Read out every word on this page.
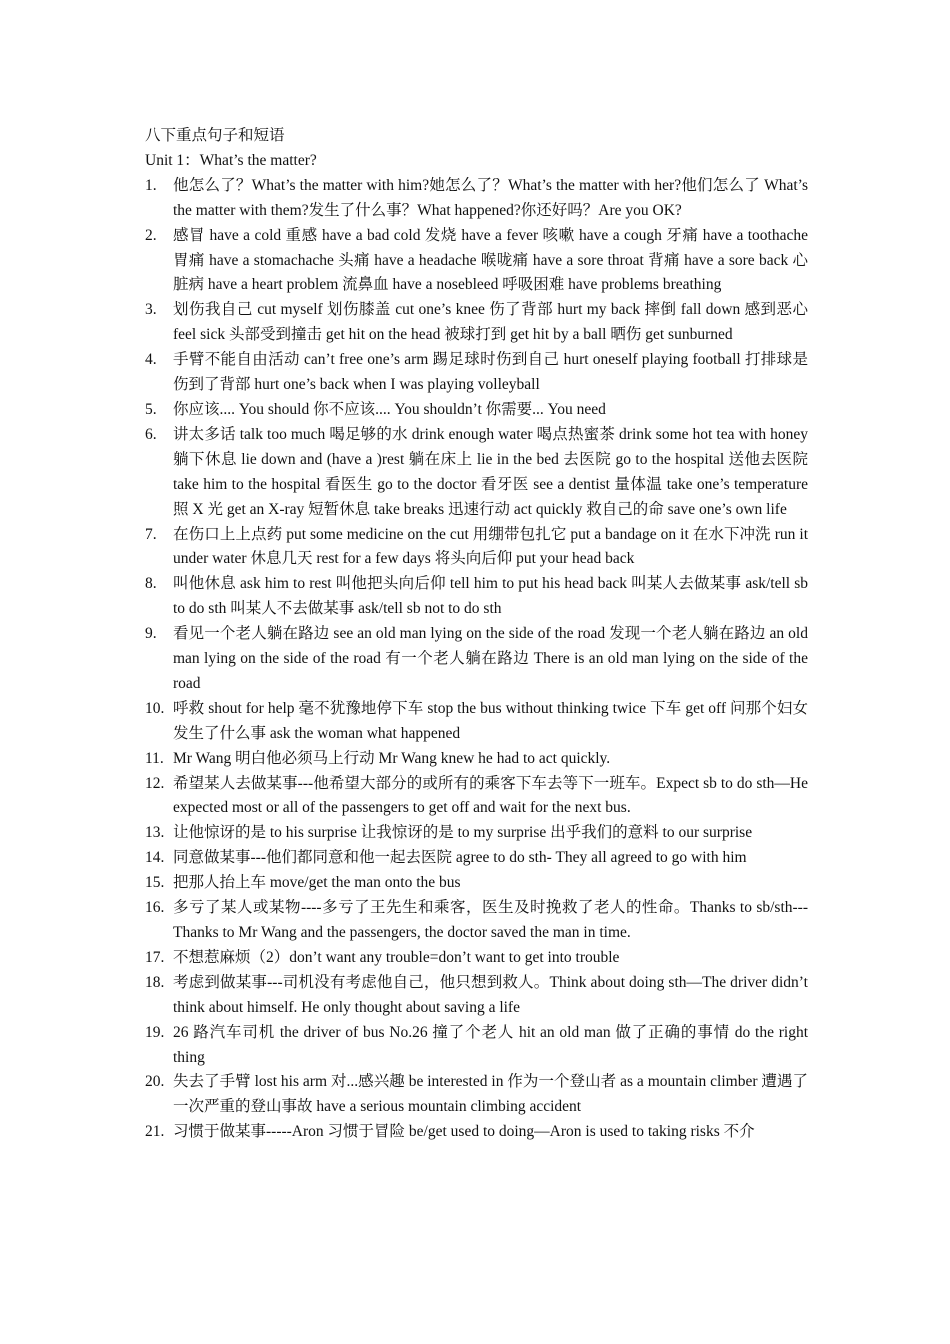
八下重点句子和短语
Unit 1：What’s the matter?
1. 他怎么了？What’s the matter with him?她怎么了？What’s the matter with her?他们怎么了 What’s the matter with them?发生了什么事？What happened?你还好吗？Are you OK?
2. 感冒 have a cold 重感 have a bad cold 发烧 have a fever 咳嗽 have a cough 牙痛 have a toothache 胃痛 have a stomachache 头痛 have a headache 喉咙痛 have a sore throat 背痛 have a sore back 心脏病 have a heart problem 流鼻血 have a nosebleed 呼吸困难 have problems breathing
3. 划伤我自己 cut myself 划伤膝盖 cut one’s knee 伤了背部 hurt my back 摔倒 fall down 感到恶心 feel sick 头部受到撞击 get hit on the head 被球打到 get hit by a ball 晒伤 get sunburned
4. 手臂不能自由活动 can’t free one’s arm 踢足球时伤到自己 hurt oneself playing football 打排球是伤到了背部 hurt one’s back when I was playing volleyball
5. 你应该.... You should 你不应该.... You shouldn’t 你需要... You need
6. 讲太多话 talk too much 喝足够的水 drink enough water 喝点热蜜茶 drink some hot tea with honey 躺下休息 lie down and (have a )rest 躺在床上 lie in the bed 去医院 go to the hospital 送他去医院 take him to the hospital 看医生 go to the doctor 看牙医 see a dentist 量体温 take one’s temperature 照 X 光 get an X-ray 短暂休息 take breaks 迅速行动 act quickly 救自己的命 save one’s own life
7. 在伤口上上点药 put some medicine on the cut 用绷带包扎它 put a bandage on it 在水下冲洗 run it under water 休息几天 rest for a few days 将头向后仰 put your head back
8. 叫他休息 ask him to rest 叫他把头向后仰 tell him to put his head back 叫某人去做某事 ask/tell sb to do sth 叫某人不去做某事 ask/tell sb not to do sth
9. 看见一个老人躺在路边 see an old man lying on the side of the road 发现一个老人躺在路边 an old man lying on the side of the road 有一个老人躺在路边 There is an old man lying on the side of the road
10. 呼救 shout for help 毫不犹豫地停下车 stop the bus without thinking twice 下车 get off 问那个妇女发生了什么事 ask the woman what happened
11. Mr Wang 明白他必须马上行动 Mr Wang knew he had to act quickly.
12. 希望某人去做某事---他希望大部分的或所有的乘客下车去等下一班车。Expect sb to do sth—He expected most or all of the passengers to get off and wait for the next bus.
13. 让他惊讶的是 to his surprise 让我惊讶的是 to my surprise 出乎我们的意料 to our surprise
14. 同意做某事---他们都同意和他一起去医院 agree to do sth- They all agreed to go with him
15. 把那人抬上车 move/get the man onto the bus
16. 多亏了某人或某物----多亏了王先生和乘客，医生及时挽救了老人的性命。Thanks to sb/sth---Thanks to Mr Wang and the passengers, the doctor saved the man in time.
17. 不想惹麻烦（2）don’t want any trouble=don’t want to get into trouble
18. 考虑到做某事---司机没有考虑他自己，他只想到救人。Think about doing sth—The driver didn’t think about himself. He only thought about saving a life
19. 26 路汽车司机 the driver of bus No.26 撞了个老人 hit an old man 做了正确的事情 do the right thing
20. 失去了手臂 lost his arm 对...感兴趣 be interested in 作为一个登山者 as a mountain climber 遭遇了一次严重的登山事故 have a serious mountain climbing accident
21. 习惯于做某事-----Aron 习惯于冒险 be/get used to doing—Aron is used to taking risks 不介
